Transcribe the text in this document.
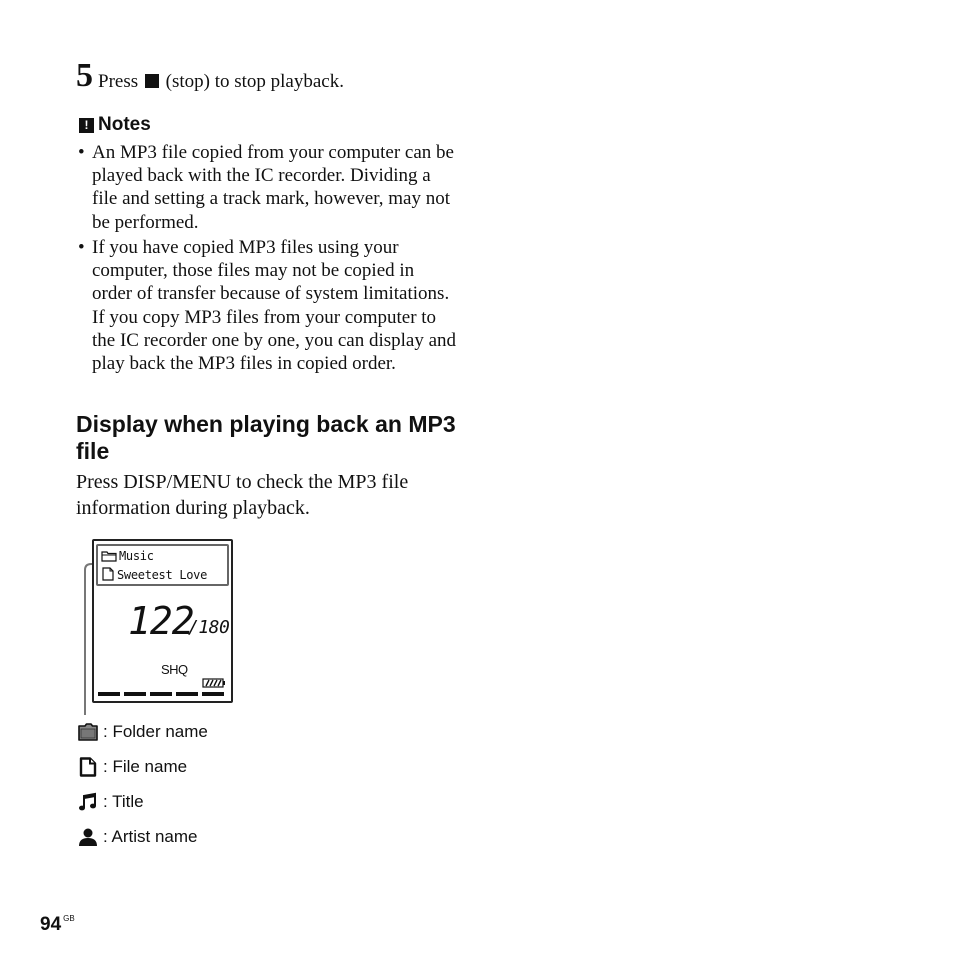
5 Press (stop) to stop playback.
! Notes
• An MP3 file copied from your computer can be played back with the IC recorder. Dividing a file and setting a track mark, however, may not be performed.
• If you have copied MP3 files using your computer, those files may not be copied in order of transfer because of system limitations. If you copy MP3 files from your computer to the IC recorder one by one, you can display and play back the MP3 files in copied order.
Display when playing back an MP3 file
Press DISP/MENU to check the MP3 file information during playback.
Music
Sweetest Love
122
/180
SHQ
: Folder name
: File name
: Title
: Artist name
94 $^{GB}$
